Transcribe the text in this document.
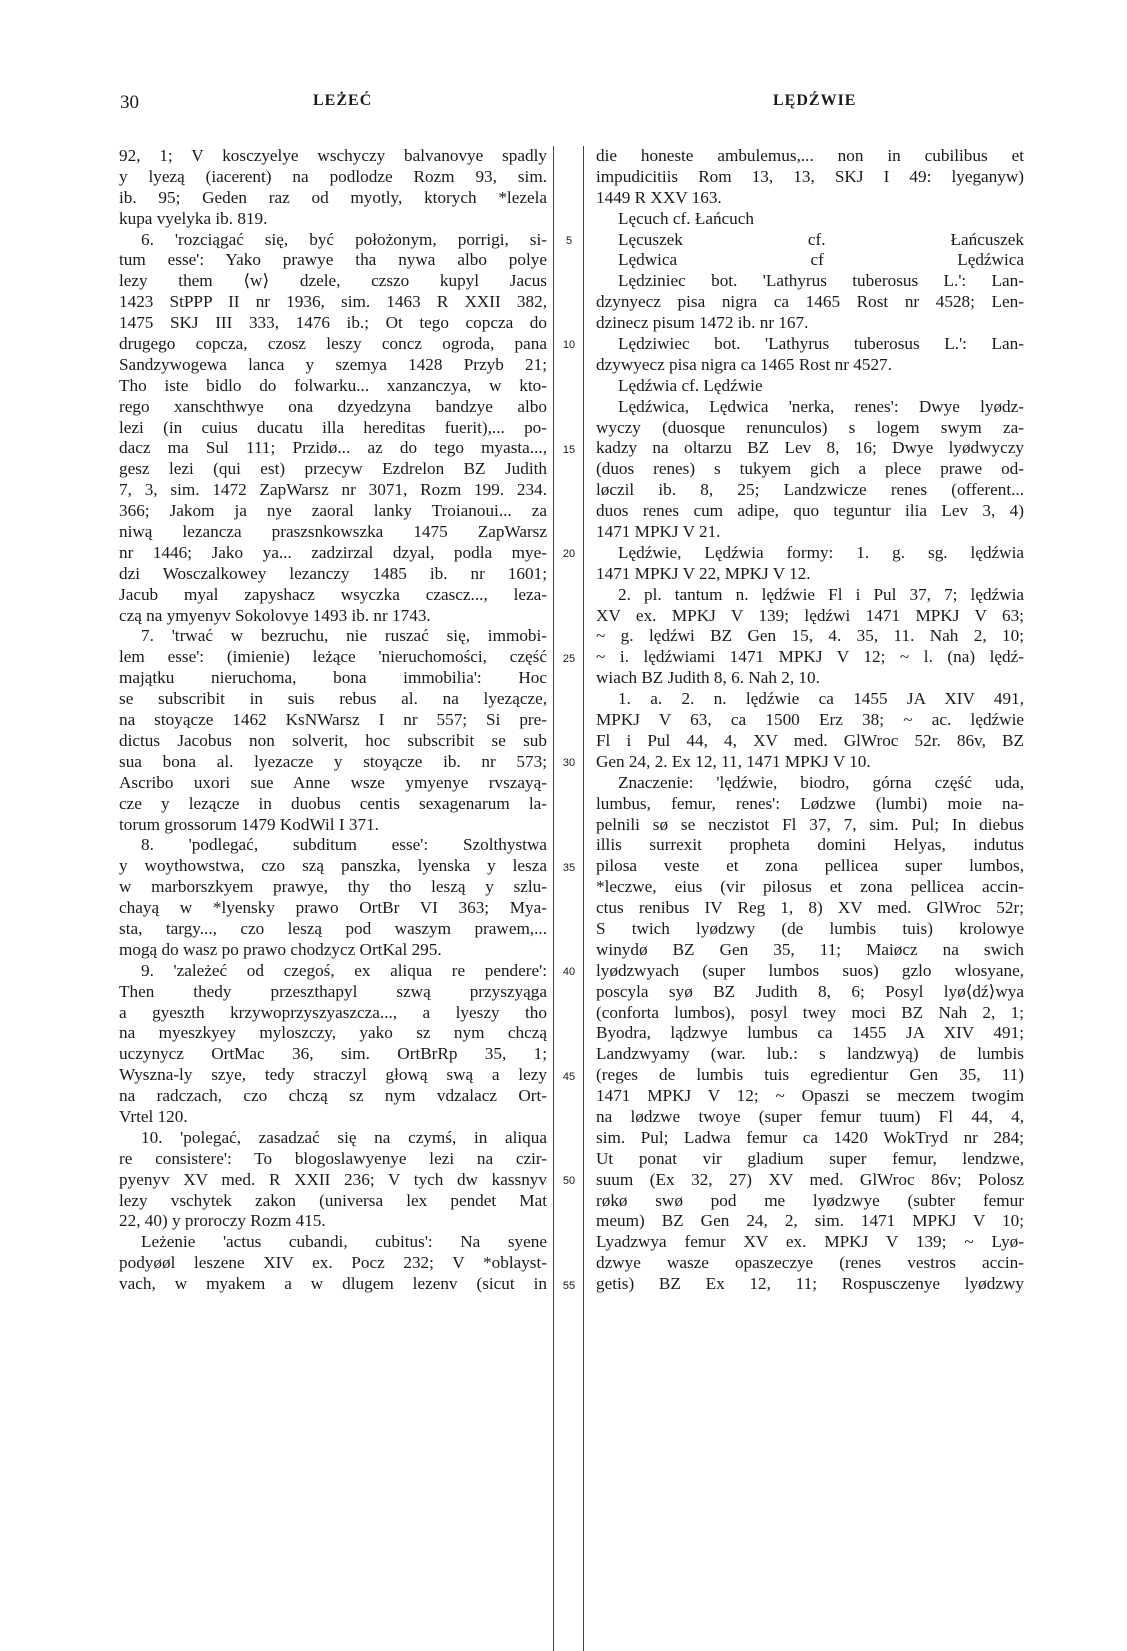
30	LEŻEĆ	LĘDŹWIE
5
10
15
20
25
30
35
40
45
50
55
92, 1; V kosczyelye wschyczy balvanovye spadly
y lyezą (iacerent) na podlodze Rozm 93, sim.
ib. 95; Geden raz od myotly, ktorych *lezela
kupa vyelyka ib. 819.
6. 'rozciągać się, być położonym, porrigi, si-
tum esse': Yako prawye tha nywa albo polye
lezy them ⟨w⟩ dzele, czszo kupyl Jacus
1423 StPPP II nr 1936, sim. 1463 R XXII 382,
1475 SKJ III 333, 1476 ib.; Ot tego copcza do
drugego copcza, czosz leszy concz ogroda, pana
Sandzywogewa lanca y szemya 1428 Przyb 21;
Tho iste bidlo do folwarku... xanzanczya, w kto-
rego xanschthwye ona dzyedzyna bandzye albo
lezi (in cuius ducatu illa hereditas fuerit),... po-
dacz ma Sul 111; Przidø... az do tego myasta...,
gesz lezi (qui est) przecyw Ezdrelon BZ Judith
7, 3, sim. 1472 ZapWarsz nr 3071, Rozm 199. 234.
366; Jakom ja nye zaoral lanky Troianoui... za
niwą lezancza praszsnkowszka 1475 ZapWarsz
nr 1446; Jako ya... zadzirzal dzyal, podla mye-
dzi Wosczalkowey lezanczy 1485 ib. nr 1601;
Jacub myal zapyshacz wsyczka czascz..., leza-
czą na ymyenyv Sokolovye 1493 ib. nr 1743.
7. 'trwać w bezruchu, nie ruszać się, immobi-
lem esse': (imienie) leżące 'nieruchomości, część
majątku nieruchoma, bona immobilia': Hoc
se subscribit in suis rebus al. na lyezącze,
na stoyącze 1462 KsNWarsz I nr 557; Si pre-
dictus Jacobus non solverit, hoc subscribit se sub
sua bona al. lyezacze y stoyącze ib. nr 573;
Ascribo uxori sue Anne wsze ymyenye rvszayą-
cze y lezącze in duobus centis sexagenarum la-
torum grossorum 1479 KodWil I 371.
8. 'podlegać, subditum esse': Szolthystwa
y woythowstwa, czo szą panszka, lyenska y lesza
w marborszkyem prawye, thy tho leszą y szlu-
chayą w *lyensky prawo OrtBr VI 363; Mya-
sta, targy..., czo leszą pod waszym prawem,...
mogą do wasz po prawo chodzycz OrtKal 295.
9. 'zależeć od czegoś, ex aliqua re pendere':
Then thedy przeszthapyl szwą przyszyąga
a gyeszth krzywoprzyszyaszcza..., a lyeszy tho
na myeszkyey myloszczy, yako sz nym chczą
uczynycz OrtMac 36, sim. OrtBrRp 35, 1;
Wyszna-ly szye, tedy straczyl głową swą a lezy
na radczach, czo chczą sz nym vdzalacz Ort-
Vrtel 120.
10. 'polegać, zasadzać się na czymś, in aliqua
re consistere': To blogoslawyenye lezi na czir-
pyenyv XV med. R XXII 236; V tych dw kassnyv
lezy vschytek zakon (universa lex pendet Mat
22, 40) y proroczy Rozm 415.
Leżenie 'actus cubandi, cubitus': Na syene
podyøøl leszene XIV ex. Pocz 232; V *oblayst-
vach, w myakem a w dlugem lezenv (sicut in
die honeste ambulemus,... non in cubilibus et
impudicitiis Rom 13, 13, SKJ I 49: lyeganyw)
1449 R XXV 163.
Lęcuch cf. Łańcuch
Lęcuszek cf. Łańcuszek
Lędwica cf Lędźwica
Lędziniec bot. 'Lathyrus tuberosus L.': Lan-
dzynyecz pisa nigra ca 1465 Rost nr 4528; Len-
dzinecz pisum 1472 ib. nr 167.
Lędziwiec bot. 'Lathyrus tuberosus L.': Lan-
dzywyecz pisa nigra ca 1465 Rost nr 4527.
Lędźwia cf. Lędźwie
Lędźwica, Lędwica 'nerka, renes': Dwye lyødz-
wyczy (duosque renunculos) s logem swym za-
kadzy na oltarzu BZ Lev 8, 16; Dwye lyødwyczy
(duos renes) s tukyem gich a plece prawe od-
løczil ib. 8, 25; Landzwicze renes (offerent...
duos renes cum adipe, quo teguntur ilia Lev 3, 4)
1471 MPKJ V 21.
Lędźwie, Lędźwia formy: 1. g. sg. lędźwia
1471 MPKJ V 22, MPKJ V 12.
2. pl. tantum n. lędźwie Fl i Pul 37, 7; lędźwia
XV ex. MPKJ V 139; lędźwi 1471 MPKJ V 63;
~ g. lędźwi BZ Gen 15, 4. 35, 11. Nah 2, 10;
~ i. lędźwiami 1471 MPKJ V 12; ~ l. (na) lędź-
wiach BZ Judith 8, 6. Nah 2, 10.
1. a. 2. n. lędźwie ca 1455 JA XIV 491,
MPKJ V 63, ca 1500 Erz 38; ~ ac. lędźwie
Fl i Pul 44, 4, XV med. GlWroc 52r. 86v, BZ
Gen 24, 2. Ex 12, 11, 1471 MPKJ V 10.
Znaczenie: 'lędźwie, biodro, górna część uda,
lumbus, femur, renes': Lødzwe (lumbi) moie na-
pelnili sø se neczistot Fl 37, 7, sim. Pul; In diebus
illis surrexit propheta domini Helyas, indutus
pilosa veste et zona pellicea super lumbos,
*leczwe, eius (vir pilosus et zona pellicea accin-
ctus renibus IV Reg 1, 8) XV med. GlWroc 52r;
S twich lyødzwy (de lumbis tuis) krolowye
winydø BZ Gen 35, 11; Maiøcz na swich
lyødzwyach (super lumbos suos) gzlo wlosyane,
poscyla syø BZ Judith 8, 6; Posyl lyø⟨dź⟩wya
(conforta lumbos), posyl twey moci BZ Nah 2, 1;
Byodra, lądzwye lumbus ca 1455 JA XIV 491;
Landzwyamy (war. lub.: s landzwyą) de lumbis
(reges de lumbis tuis egredientur Gen 35, 11)
1471 MPKJ V 12; ~ Opaszi se meczem twogim
na lødzwe twoye (super femur tuum) Fl 44, 4,
sim. Pul; Ladwa femur ca 1420 WokTryd nr 284;
Ut ponat vir gladium super femur, lendzwe,
suum (Ex 32, 27) XV med. GlWroc 86v; Polosz
røkø swø pod me lyødzwye (subter femur
meum) BZ Gen 24, 2, sim. 1471 MPKJ V 10;
Lyadzwya femur XV ex. MPKJ V 139; ~ Lyø-
dzwye wasze opaszeczye (renes vestros accin-
getis) BZ Ex 12, 11; Rospusczenye lyødzwy
